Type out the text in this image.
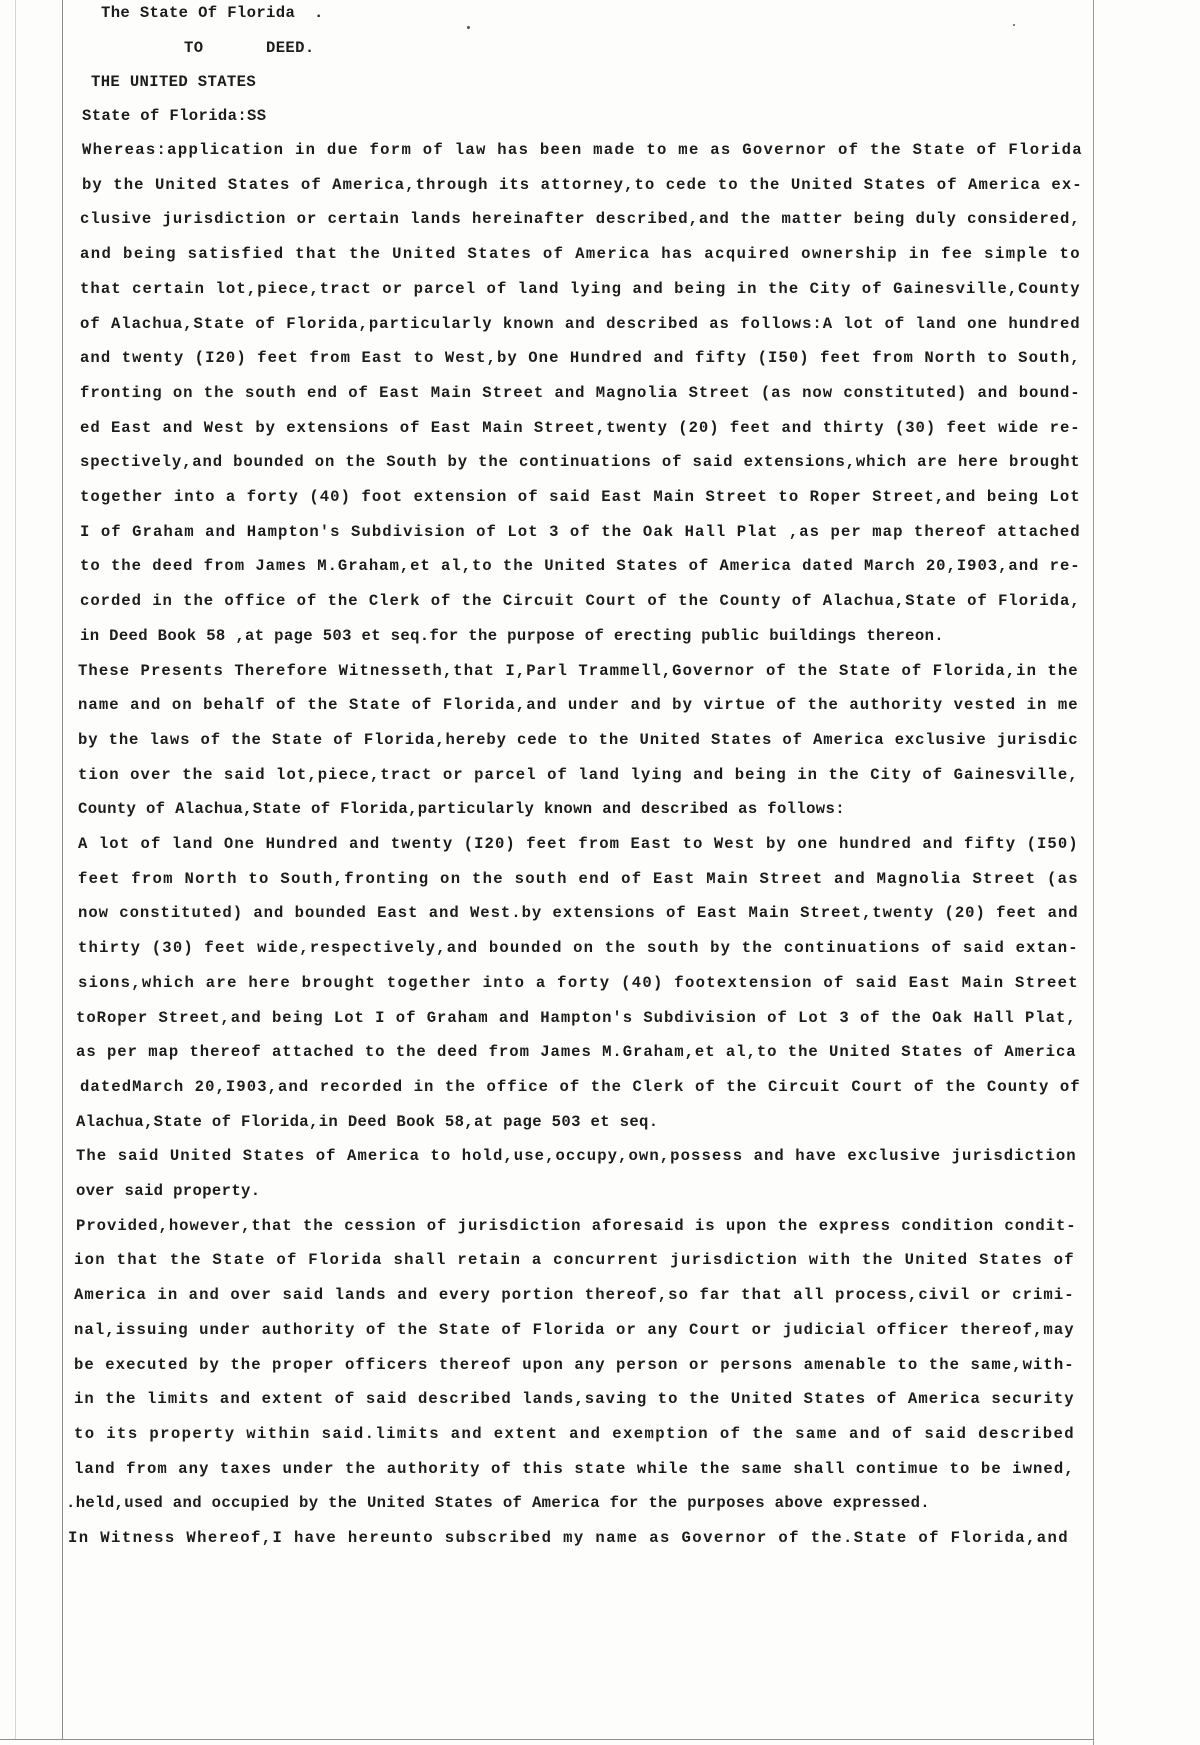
The State Of Florida .
TO	DEED.
THE UNITED STATES
State of Florida:SS
Whereas:application in due form of law has been made to me as Governor of the State of Florida
by the United States of America,through its attorney,to cede to the United States of America ex-
clusive jurisdiction or certain lands hereinafter described,and the matter being duly considered,
and being satisfied that the United States of America has acquired ownership in fee simple to
that certain lot,piece,tract or parcel of land lying and being in the City of Gainesville,County
of Alachua,State of Florida,particularly known and described as follows:A lot of land one hundred
and twenty (I20) feet from East to West,by One Hundred and fifty (I50) feet from North to South,
fronting on the south end of East Main Street and Magnolia Street (as now constituted) and bound-
ed East and West by extensions of East Main Street,twenty (20) feet and thirty (30) feet wide re-
spectively,and bounded on the South by the continuations of said extensions,which are here brought
together into a forty (40) foot extension of said East Main Street to Roper Street,and being Lot
I of Graham and Hampton's Subdivision of Lot 3 of the Oak Hall Plat ,as per map thereof attached
to the deed from James M.Graham,et al,to the United States of America dated March 20,I903,and re-
corded in the office of the Clerk of the Circuit Court of the County of Alachua,State of Florida,
in Deed Book 58 ,at page 503 et seq.for the purpose of erecting public buildings thereon.
These Presents Therefore Witnesseth,that I,Parl Trammell,Governor of the State of Florida,in the
name and on behalf of the State of Florida,and under and by virtue of the authority vested in me
by the laws of the State of Florida,hereby cede to the United States of America exclusive jurisdic
tion over the said lot,piece,tract or parcel of land lying and being in the City of Gainesville,
County of Alachua,State of Florida,particularly known and described as follows:
A lot of land One Hundred and twenty (I20) feet from East to West by one hundred and fifty (I50)
feet from North to South,fronting on the south end of East Main Street and Magnolia Street (as
now constituted) and bounded East and West.by extensions of East Main Street,twenty (20) feet and
thirty (30) feet wide,respectively,and bounded on the south by the continuations of said extan-
sions,which are here brought together into a forty (40) footextension of said East Main Street
toRoper Street,and being Lot I of Graham and Hampton's Subdivision of Lot 3 of the Oak Hall Plat,
as per map thereof attached to the deed from James M.Graham,et al,to the United States of America
datedMarch 20,I903,and recorded in the office of the Clerk of the Circuit Court of the County of
Alachua,State of Florida,in Deed Book 58,at page 503 et seq.
The said United States of America to hold,use,occupy,own,possess and have exclusive jurisdiction
over said property.
Provided,however,that the cession of jurisdiction aforesaid is upon the express condition condit-
ion that the State of Florida shall retain a concurrent jurisdiction with the United States of
America in and over said lands and every portion thereof,so far that all process,civil or crimi-
nal,issuing under authority of the State of Florida or any Court or judicial officer thereof,may
be executed by the proper officers thereof upon any person or persons amenable to the same,with-
in the limits and extent of said described lands,saving to the United States of America security
to its property within said.limits and extent and exemption of the same and of said described
land from any taxes under the authority of this state while the same shall contimue to be iwned,
.held,used and occupied by the United States of America for the purposes above expressed.
In Witness Whereof,I have hereunto subscribed my name as Governor of the.State of Florida,and
